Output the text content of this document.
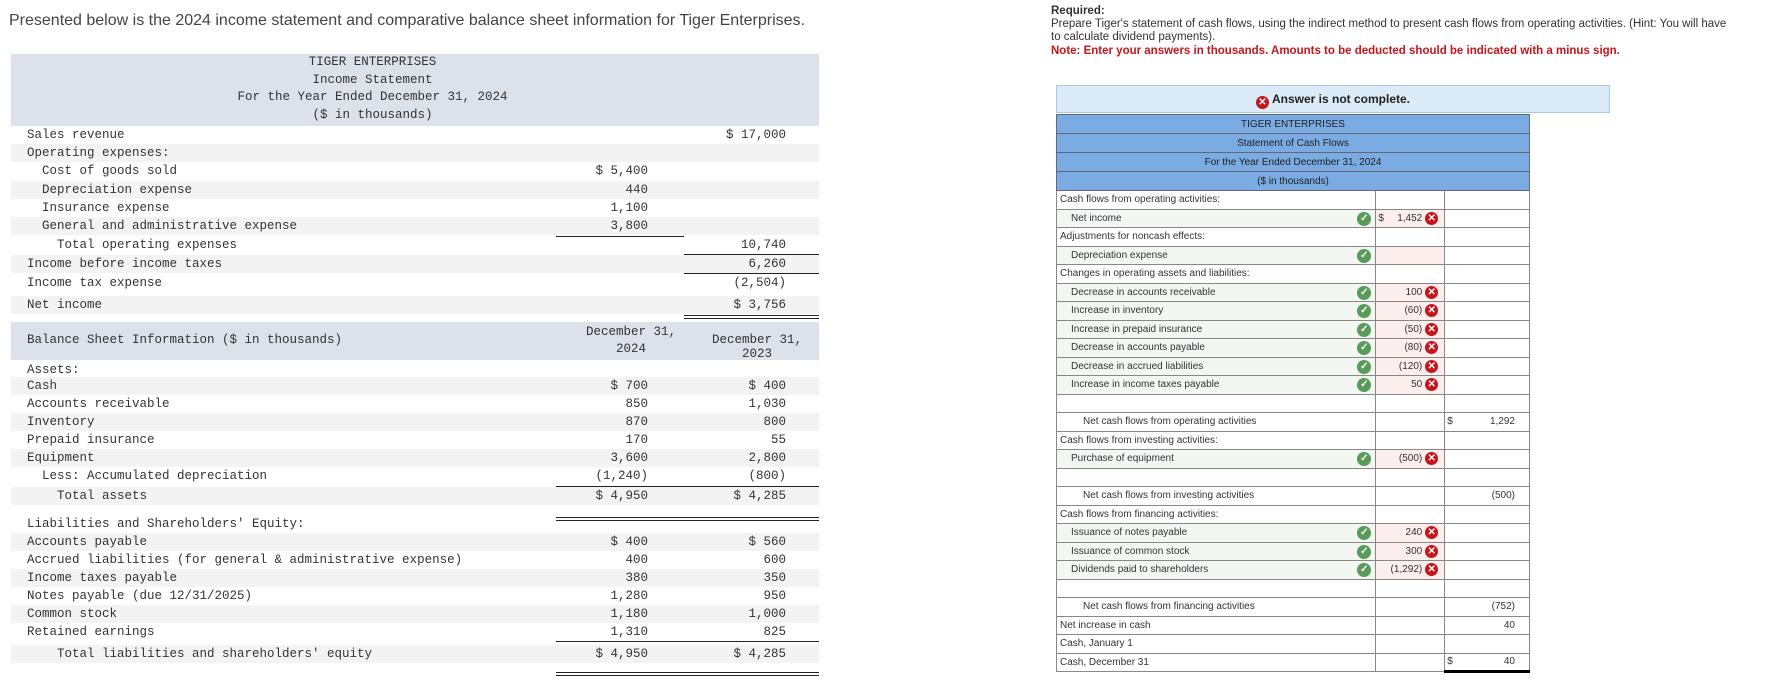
Presented below is the 2024 income statement and comparative balance sheet information for Tiger Enterprises.
TIGER ENTERPRISES
Income Statement
For the Year Ended December 31, 2024
($ in thousands)
Sales revenue	$ 17,000
Operating expenses:
Cost of goods sold	$ 5,400
Depreciation expense	440
Insurance expense	1,100
General and administrative expense	3,800
Total operating expenses	10,740
Income before income taxes	6,260
Income tax expense	(2,504)
Net income	$ 3,756
Balance Sheet Information ($ in thousands)
December 31,
2024
December 31, 2023
Assets:
Cash	$ 700	$ 400
Accounts receivable	850	1,030
Inventory	870	800
Prepaid insurance	170	55
Equipment	3,600	2,800
Less: Accumulated depreciation	(1,240)	(800)
Total assets	$ 4,950	$ 4,285
Liabilities and Shareholders' Equity:
Accounts payable	$ 400	$ 560
Accrued liabilities (for general & administrative expense)	400	600
Income taxes payable	380	350
Notes payable (due 12/31/2025)	1,280	950
Common stock	1,180	1,000
Retained earnings	1,310	825
Total liabilities and shareholders' equity	$ 4,950	$ 4,285
Required:
Prepare Tiger's statement of cash flows, using the indirect method to present cash flows from operating activities. (Hint: You will have
to calculate dividend payments).
Note: Enter your answers in thousands. Amounts to be deducted should be indicated with a minus sign.
✕ Answer is not complete.
TIGER ENTERPRISES		
Statement of Cash Flows		
For the Year Ended December 31, 2024		
($ in thousands)		
Cash flows from operating activities:		
Net income ✓	$ 1,452 ✕	

Adjustments for noncash effects:		
Depreciation expense ✓		

Changes in operating assets and liabilities:		
Decrease in accounts receivable ✓	100 ✕	

Increase in inventory ✓	(60) ✕	

Increase in prepaid insurance ✓	(50) ✕	

Decrease in accounts payable ✓	(80) ✕	

Decrease in accrued liabilities ✓	(120) ✕	

Increase in income taxes payable ✓	50 ✕	

Net cash flows from operating activities		$ 1,292
Cash flows from investing activities:		
Purchase of equipment ✓	(500) ✕	

Net cash flows from investing activities		(500)
Cash flows from financing activities:		
Issuance of notes payable ✓	240 ✕	

Issuance of common stock ✓	300 ✕	

Dividends paid to shareholders ✓	(1,292) ✕	

Net cash flows from financing activities		(752)
Net increase in cash		40
Cash, January 1		
Cash, December 31		$ 40
